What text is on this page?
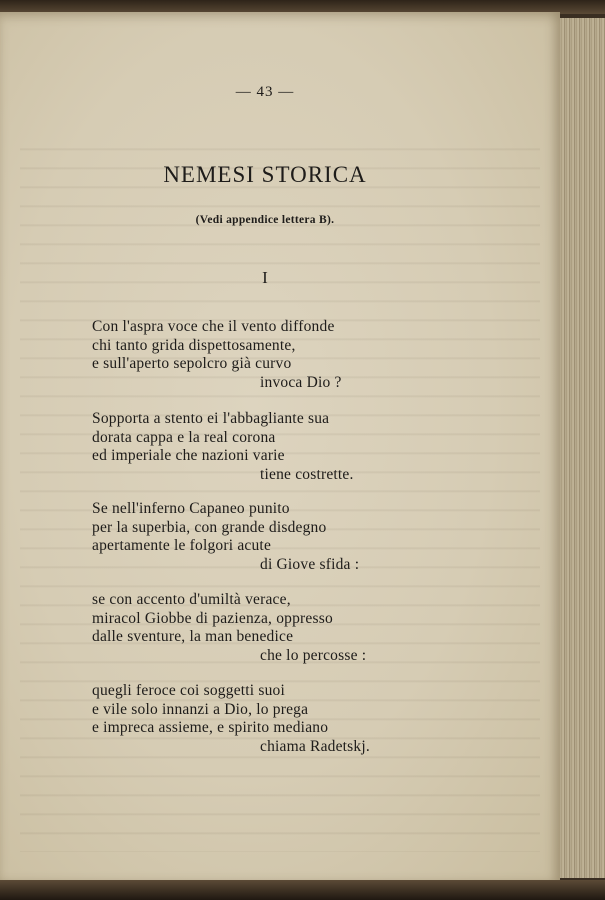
— 43 —
NEMESI STORICA
(Vedi appendice lettera B).
I
Con l'aspra voce che il vento diffonde
chi tanto grida dispettosamente,
e sull'aperto sepolcro già curvo
invoca Dio ?
Sopporta a stento ei l'abbagliante sua
dorata cappa e la real corona
ed imperiale che nazioni varie
tiene costrette.
Se nell'inferno Capaneo punito
per la superbia, con grande disdegno
apertamente le folgori acute
di Giove sfida :
se con accento d'umiltà verace,
miracol Giobbe di pazienza, oppresso
dalle sventure, la man benedice
che lo percosse :
quegli feroce coi soggetti suoi
e vile solo innanzi a Dio, lo prega
e impreca assieme, e spirito mediano
chiama Radetskj.
